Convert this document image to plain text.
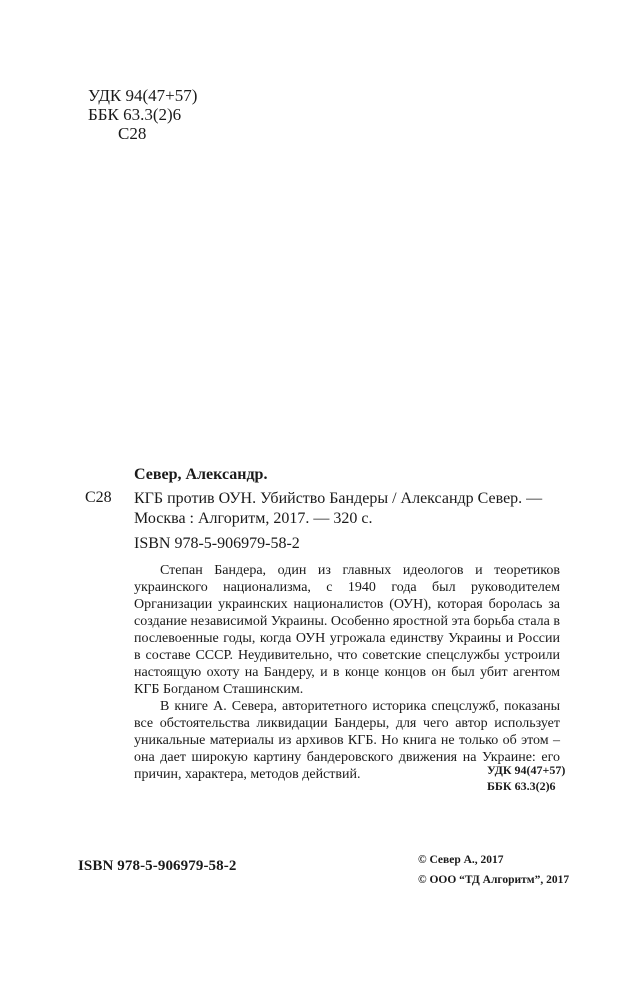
УДК 94(47+57)
ББК 63.3(2)6
С28
Север, Александр.
С28 КГБ против ОУН. Убийство Бандеры / Александр Север. — Москва : Алгоритм, 2017. — 320 с.
ISBN 978-5-906979-58-2

Степан Бандера, один из главных идеологов и теоретиков украинского национализма, с 1940 года был руководителем Организации украинских националистов (ОУН), которая боролась за создание независимой Украины. Особенно яростной эта борьба стала в послевоенные годы, когда ОУН угрожала единству Украины и России в составе СССР. Неудивительно, что советские спецслужбы устроили настоящую охоту на Бандеру, и в конце концов он был убит агентом КГБ Богданом Сташинским.

В книге А. Севера, авторитетного историка спецслужб, показаны все обстоятельства ликвидации Бандеры, для чего автор использует уникальные материалы из архивов КГБ. Но книга не только об этом – она дает широкую картину бандеровского движения на Украине: его причин, характера, методов действий.	УДК 94(47+57)
ББК 63.3(2)6
ISBN 978-5-906979-58-2	© Север А., 2017
© ООО “ТД Алгоритм”, 2017
